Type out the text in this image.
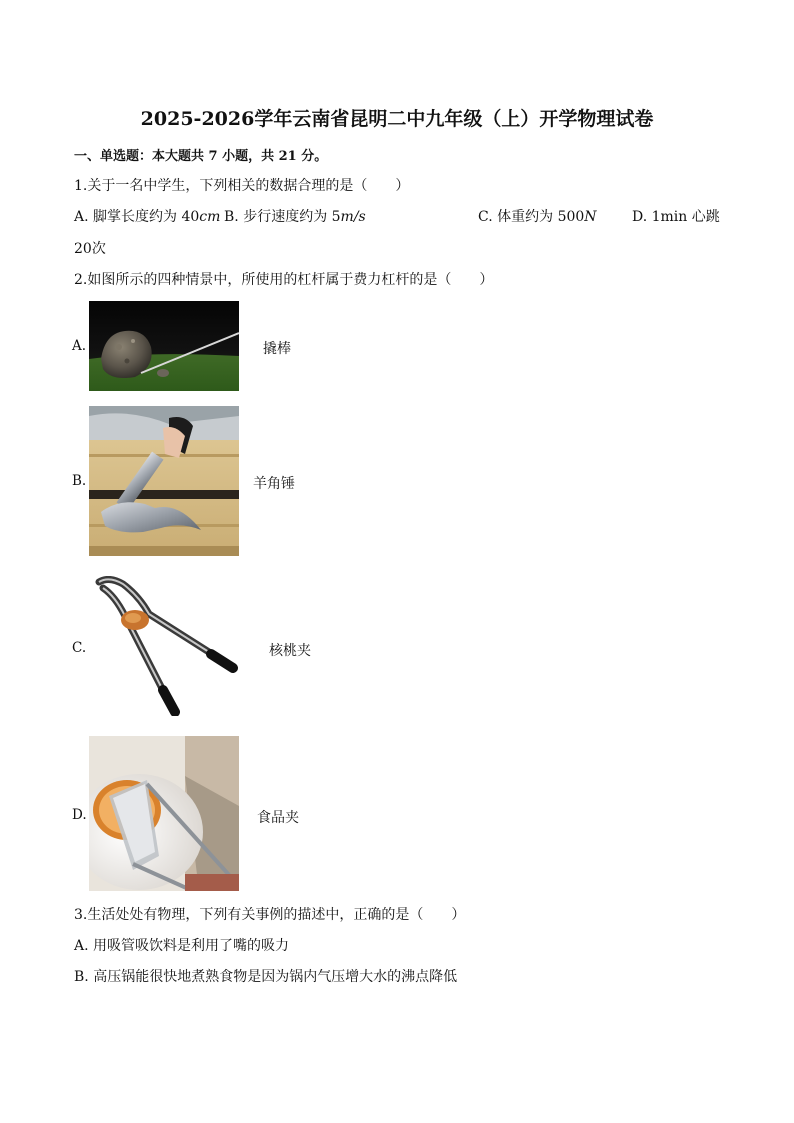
2025-2026学年云南省昆明二中九年级（上）开学物理试卷
一、单选题：本大题共 7 小题，共 21 分。
1.关于一名中学生，下列相关的数据合理的是（　　）
A. 脚掌长度约为 40cm B. 步行速度约为 5m/s	C. 体重约为 500N	D. 1min 心跳
20次
2.如图所示的四种情景中，所使用的杠杆属于费力杠杆的是（　　）
A.	撬棒
B.	羊角锤
C.	核桃夹
D.	食品夹
3.生活处处有物理，下列有关事例的描述中，正确的是（　　）
A. 用吸管吸饮料是利用了嘴的吸力
B. 高压锅能很快地煮熟食物是因为锅内气压增大水的沸点降低
